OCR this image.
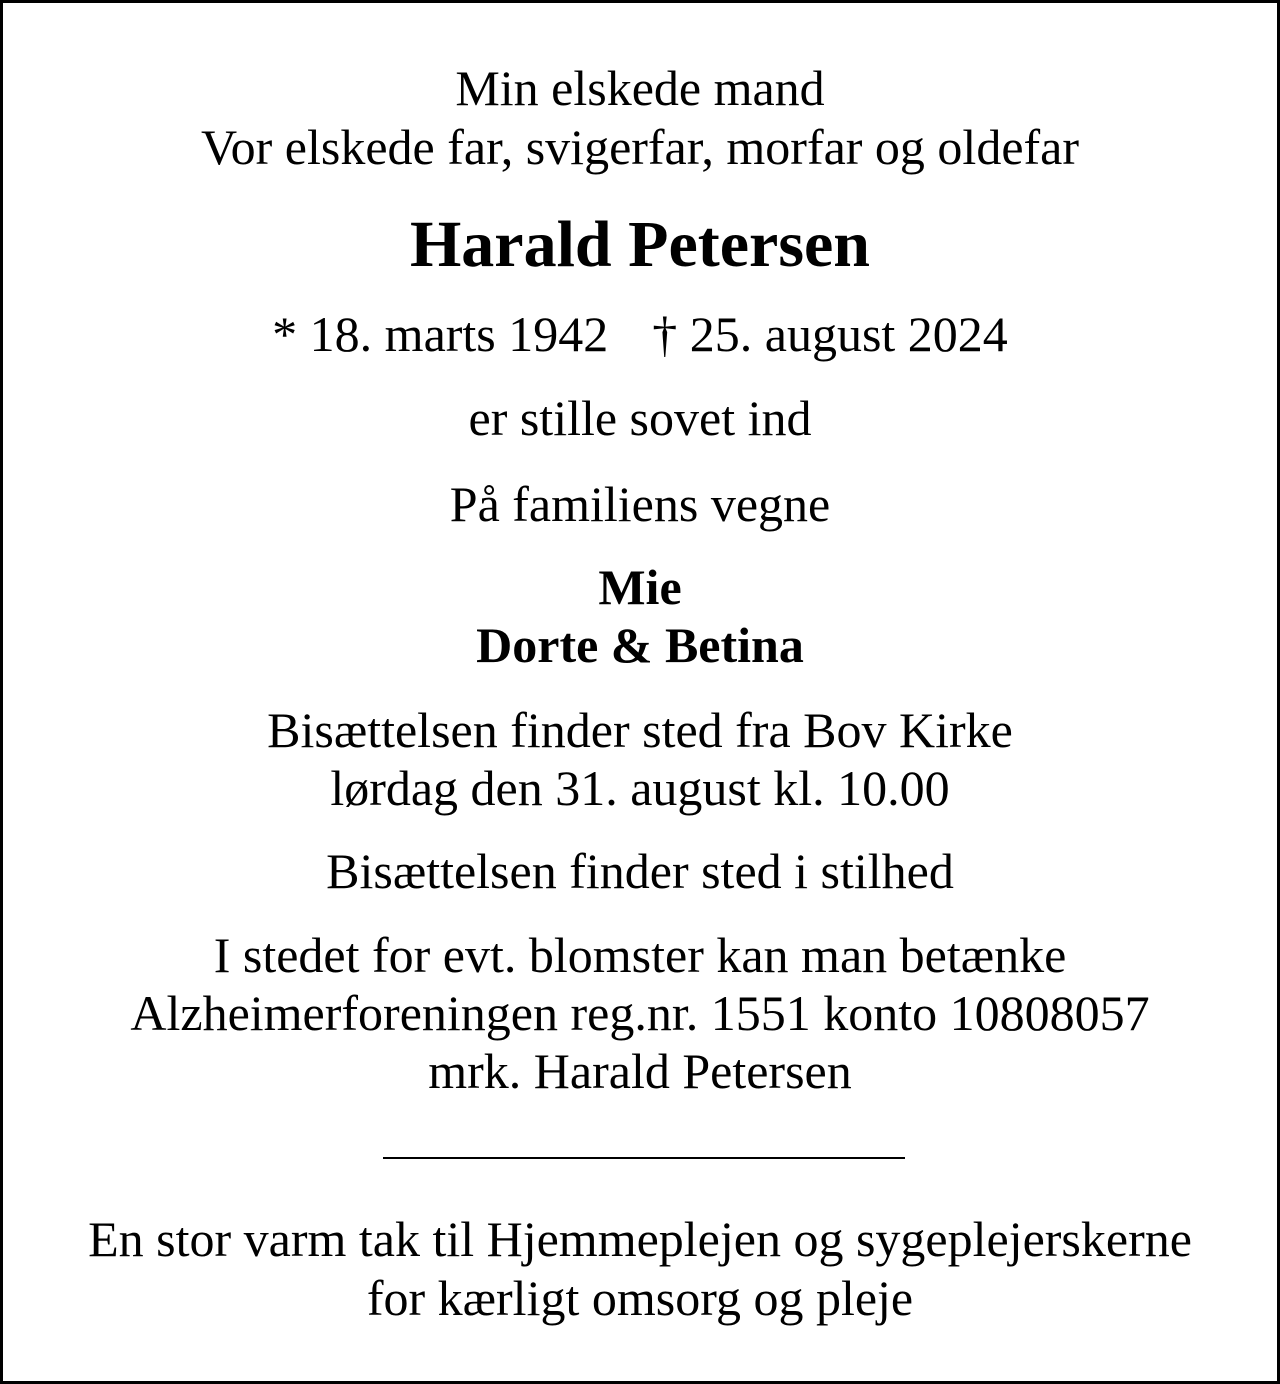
Min elskede mand
Vor elskede far, svigerfar, morfar og oldefar
Harald Petersen
* 18. marts 1942 † 25. august 2024
er stille sovet ind
På familiens vegne
Mie
Dorte & Betina
Bisættelsen finder sted fra Bov Kirke
lørdag den 31. august kl. 10.00
Bisættelsen finder sted i stilhed
I stedet for evt. blomster kan man betænke
Alzheimerforeningen reg.nr. 1551 konto 10808057
mrk. Harald Petersen
En stor varm tak til Hjemmeplejen og sygeplejerskerne
for kærligt omsorg og pleje
